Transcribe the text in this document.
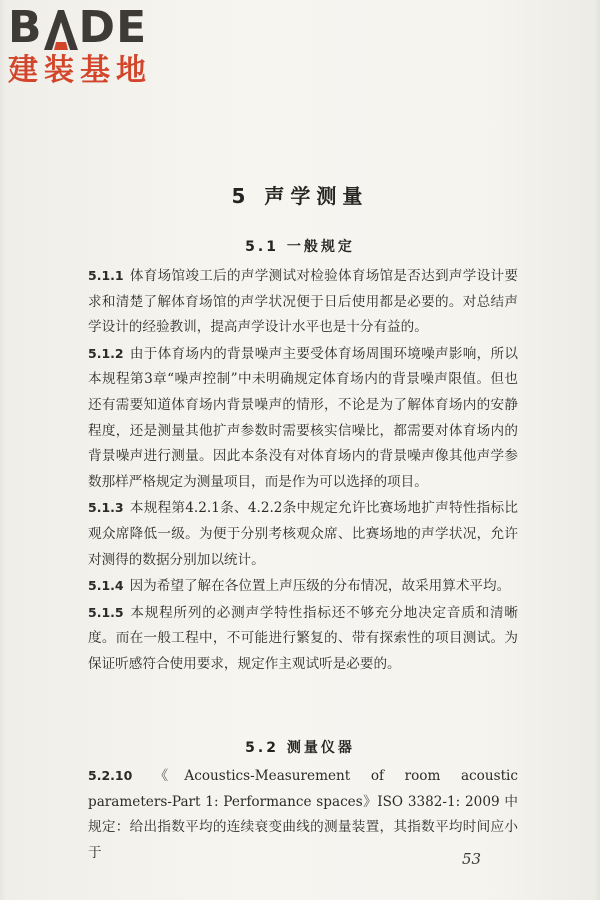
B DE
建装基地
5 声学测量
5.1 一般规定

5.1.1 体育场馆竣工后的声学测试对检验体育场馆是否达到声学设计要求和清楚了解体育场馆的声学状况便于日后使用都是必要的。对总结声学设计的经验教训，提高声学设计水平也是十分有益的。

5.1.2 由于体育场内的背景噪声主要受体育场周围环境噪声影响，所以本规程第3章“噪声控制”中未明确规定体育场内的背景噪声限值。但也还有需要知道体育场内背景噪声的情形，不论是为了解体育场内的安静程度，还是测量其他扩声参数时需要核实信噪比，都需要对体育场内的背景噪声进行测量。因此本条没有对体育场内的背景噪声像其他声学参数那样严格规定为测量项目，而是作为可以选择的项目。

5.1.3 本规程第4.2.1条、4.2.2条中规定允许比赛场地扩声特性指标比观众席降低一级。为便于分别考核观众席、比赛场地的声学状况，允许对测得的数据分别加以统计。

5.1.4 因为希望了解在各位置上声压级的分布情况，故采用算术平均。

5.1.5 本规程所列的必测声学特性指标还不够充分地决定音质和清晰度。而在一般工程中，不可能进行繁复的、带有探索性的项目测试。为保证听感符合使用要求，规定作主观试听是必要的。

5.2 测量仪器

5.2.10 《Acoustics-Measurement of room acoustic parameters-Part 1: Performance spaces》ISO 3382-1: 2009 中规定：给出指数平均的连续衰变曲线的测量装置，其指数平均时间应小于	53
